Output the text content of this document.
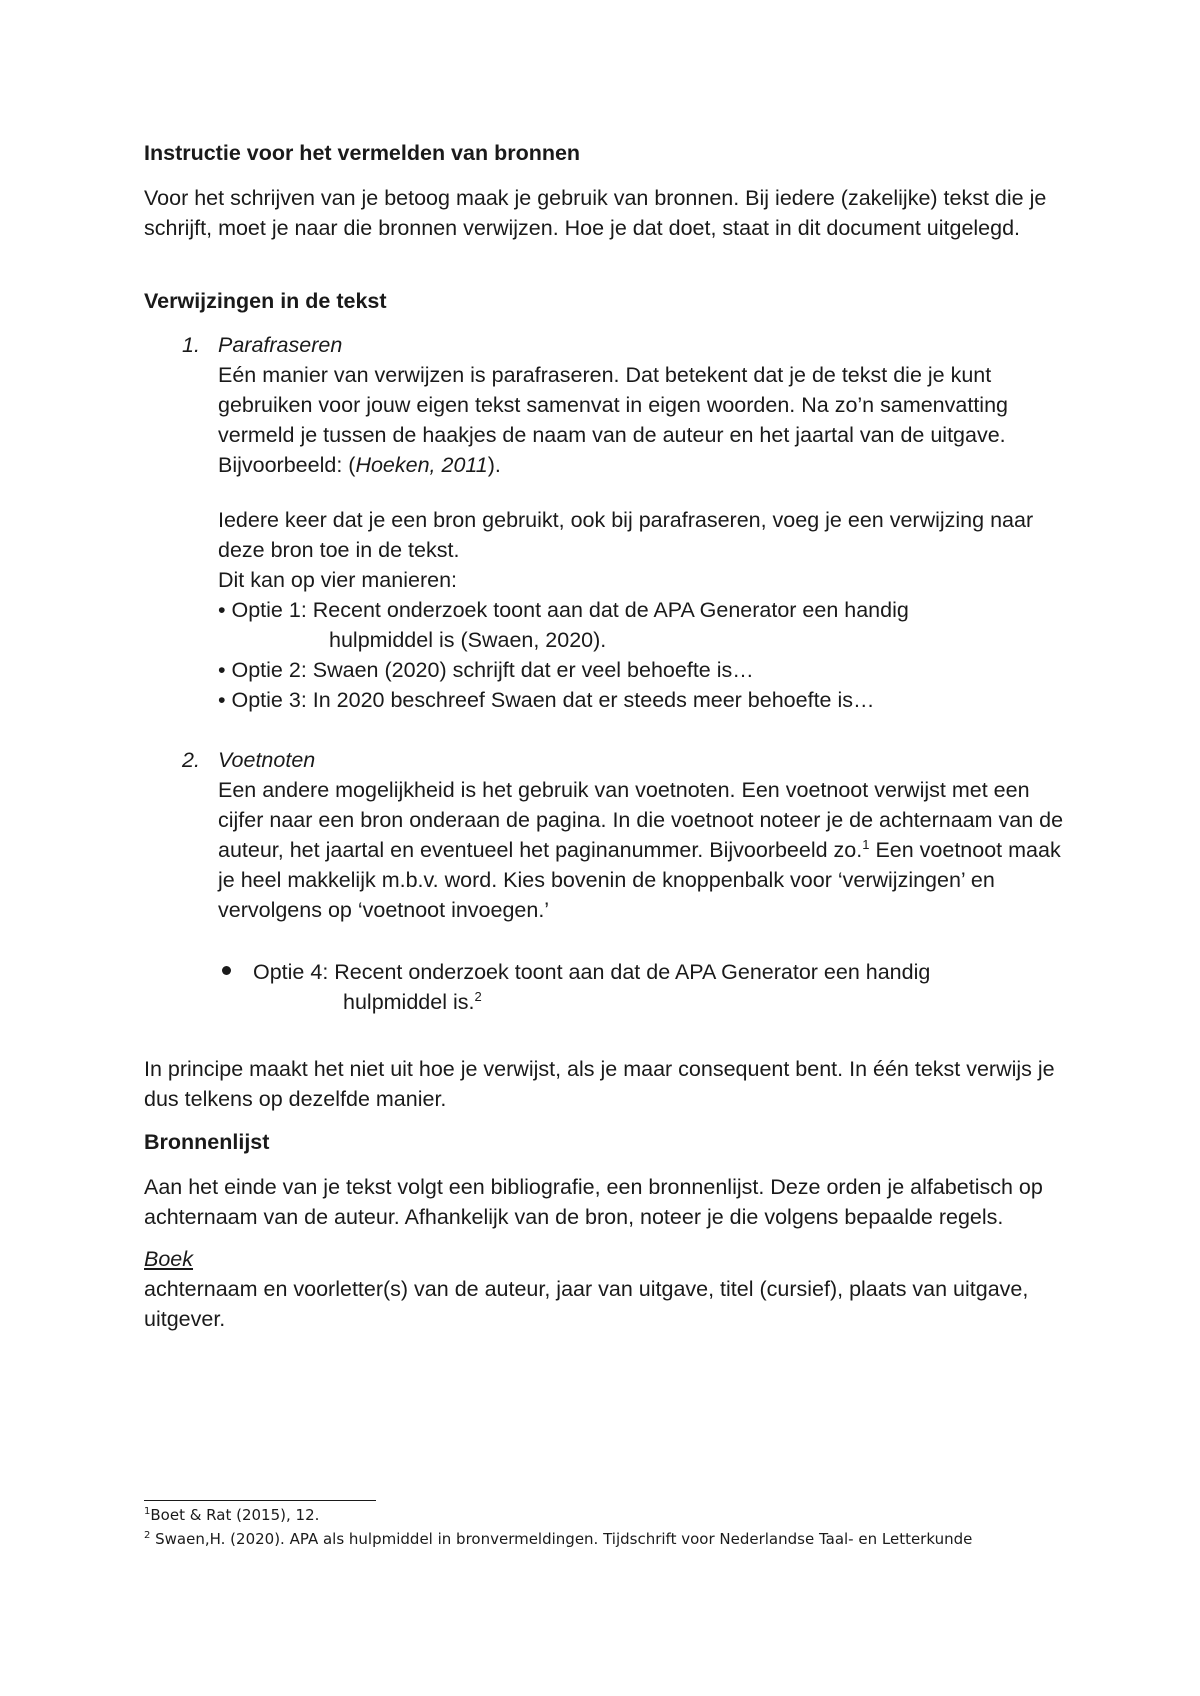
Instructie voor het vermelden van bronnen

Voor het schrijven van je betoog maak je gebruik van bronnen. Bij iedere (zakelijke) tekst die je schrijft, moet je naar die bronnen verwijzen. Hoe je dat doet, staat in dit document uitgelegd.

Verwijzingen in de tekst
1. Parafraseren

Eén manier van verwijzen is parafraseren. Dat betekent dat je de tekst die je kunt gebruiken voor jouw eigen tekst samenvat in eigen woorden. Na zo’n samenvatting vermeld je tussen de haakjes de naam van de auteur en het jaartal van de uitgave. Bijvoorbeeld: (Hoeken, 2011).

Iedere keer dat je een bron gebruikt, ook bij parafraseren, voeg je een verwijzing naar deze bron toe in de tekst.

Dit kan op vier manieren:

• Optie 1: Recent onderzoek toont aan dat de APA Generator een handig

hulpmiddel is (Swaen, 2020).

• Optie 2: Swaen (2020) schrijft dat er veel behoefte is…

• Optie 3: In 2020 beschreef Swaen dat er steeds meer behoefte is…

2. Voetnoten

Een andere mogelijkheid is het gebruik van voetnoten. Een voetnoot verwijst met een cijfer naar een bron onderaan de pagina. In die voetnoot noteer je de achternaam van de auteur, het jaartal en eventueel het paginanummer. Bijvoorbeeld zo.$^1$ Een voetnoot maak je heel makkelijk m.b.v. word. Kies bovenin de knoppenbalk voor ‘verwijzingen’ en vervolgens op ‘voetnoot invoegen.’

Optie 4: Recent onderzoek toont aan dat de APA Generator een handig

hulpmiddel is.$^2$

In principe maakt het niet uit hoe je verwijst, als je maar consequent bent. In één tekst verwijs je dus telkens op dezelfde manier.

Bronnenlijst

Aan het einde van je tekst volgt een bibliografie, een bronnenlijst. Deze orden je alfabetisch op achternaam van de auteur. Afhankelijk van de bron, noteer je die volgens bepaalde regels.

Boek

achternaam en voorletter(s) van de auteur, jaar van uitgave, titel (cursief), plaats van uitgave, uitgever.

$^1$Boet & Rat (2015), 12.
$^2$ Swaen,H. (2020). APA als hulpmiddel in bronvermeldingen. Tijdschrift voor Nederlandse Taal- en Letterkunde
